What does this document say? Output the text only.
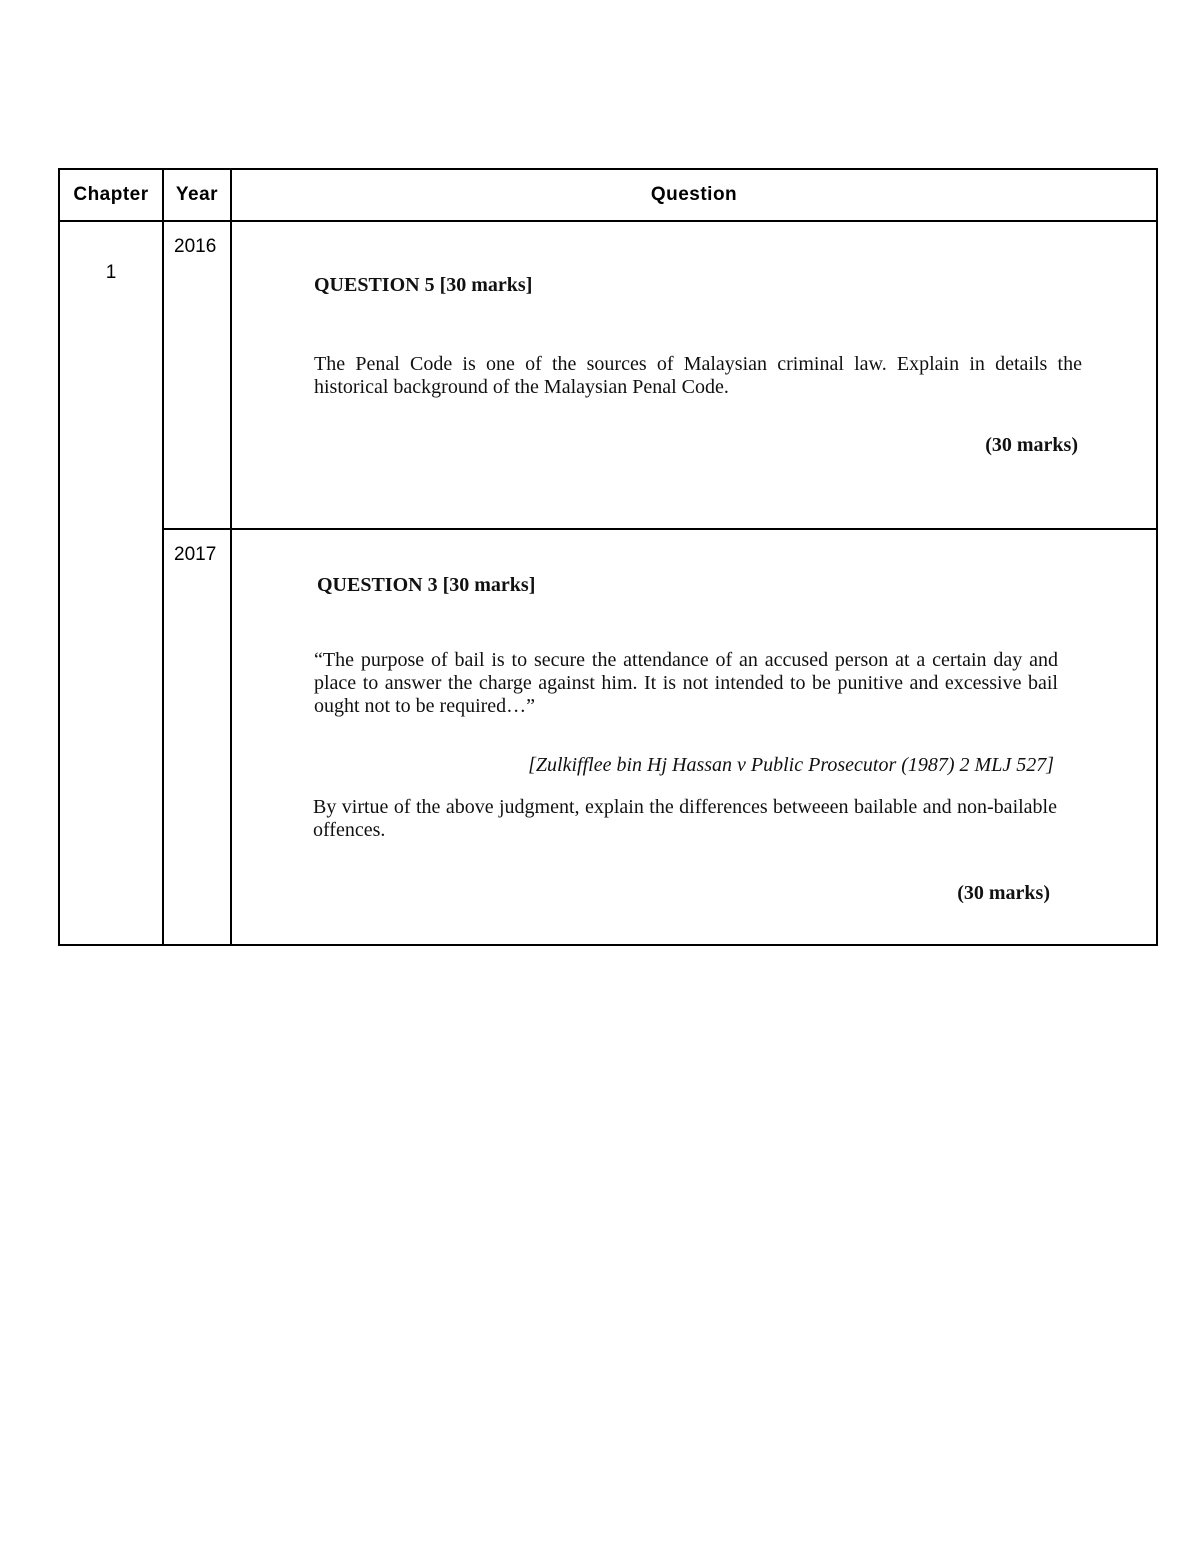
Chapter	Year	Question
1	2016	QUESTION 5 [30 marks]
The Penal Code is one of the sources of Malaysian criminal law. Explain in details the historical background of the Malaysian Penal Code.
(30 marks)

	2017	QUESTION 3 [30 marks]
“The purpose of bail is to secure the attendance of an accused person at a certain day and place to answer the charge against him. It is not intended to be punitive and excessive bail ought not to be required…”
[Zulkifflee bin Hj Hassan v Public Prosecutor (1987) 2 MLJ 527]
By virtue of the above judgment, explain the differences betweeen bailable and non-bailable offences.
(30 marks)
